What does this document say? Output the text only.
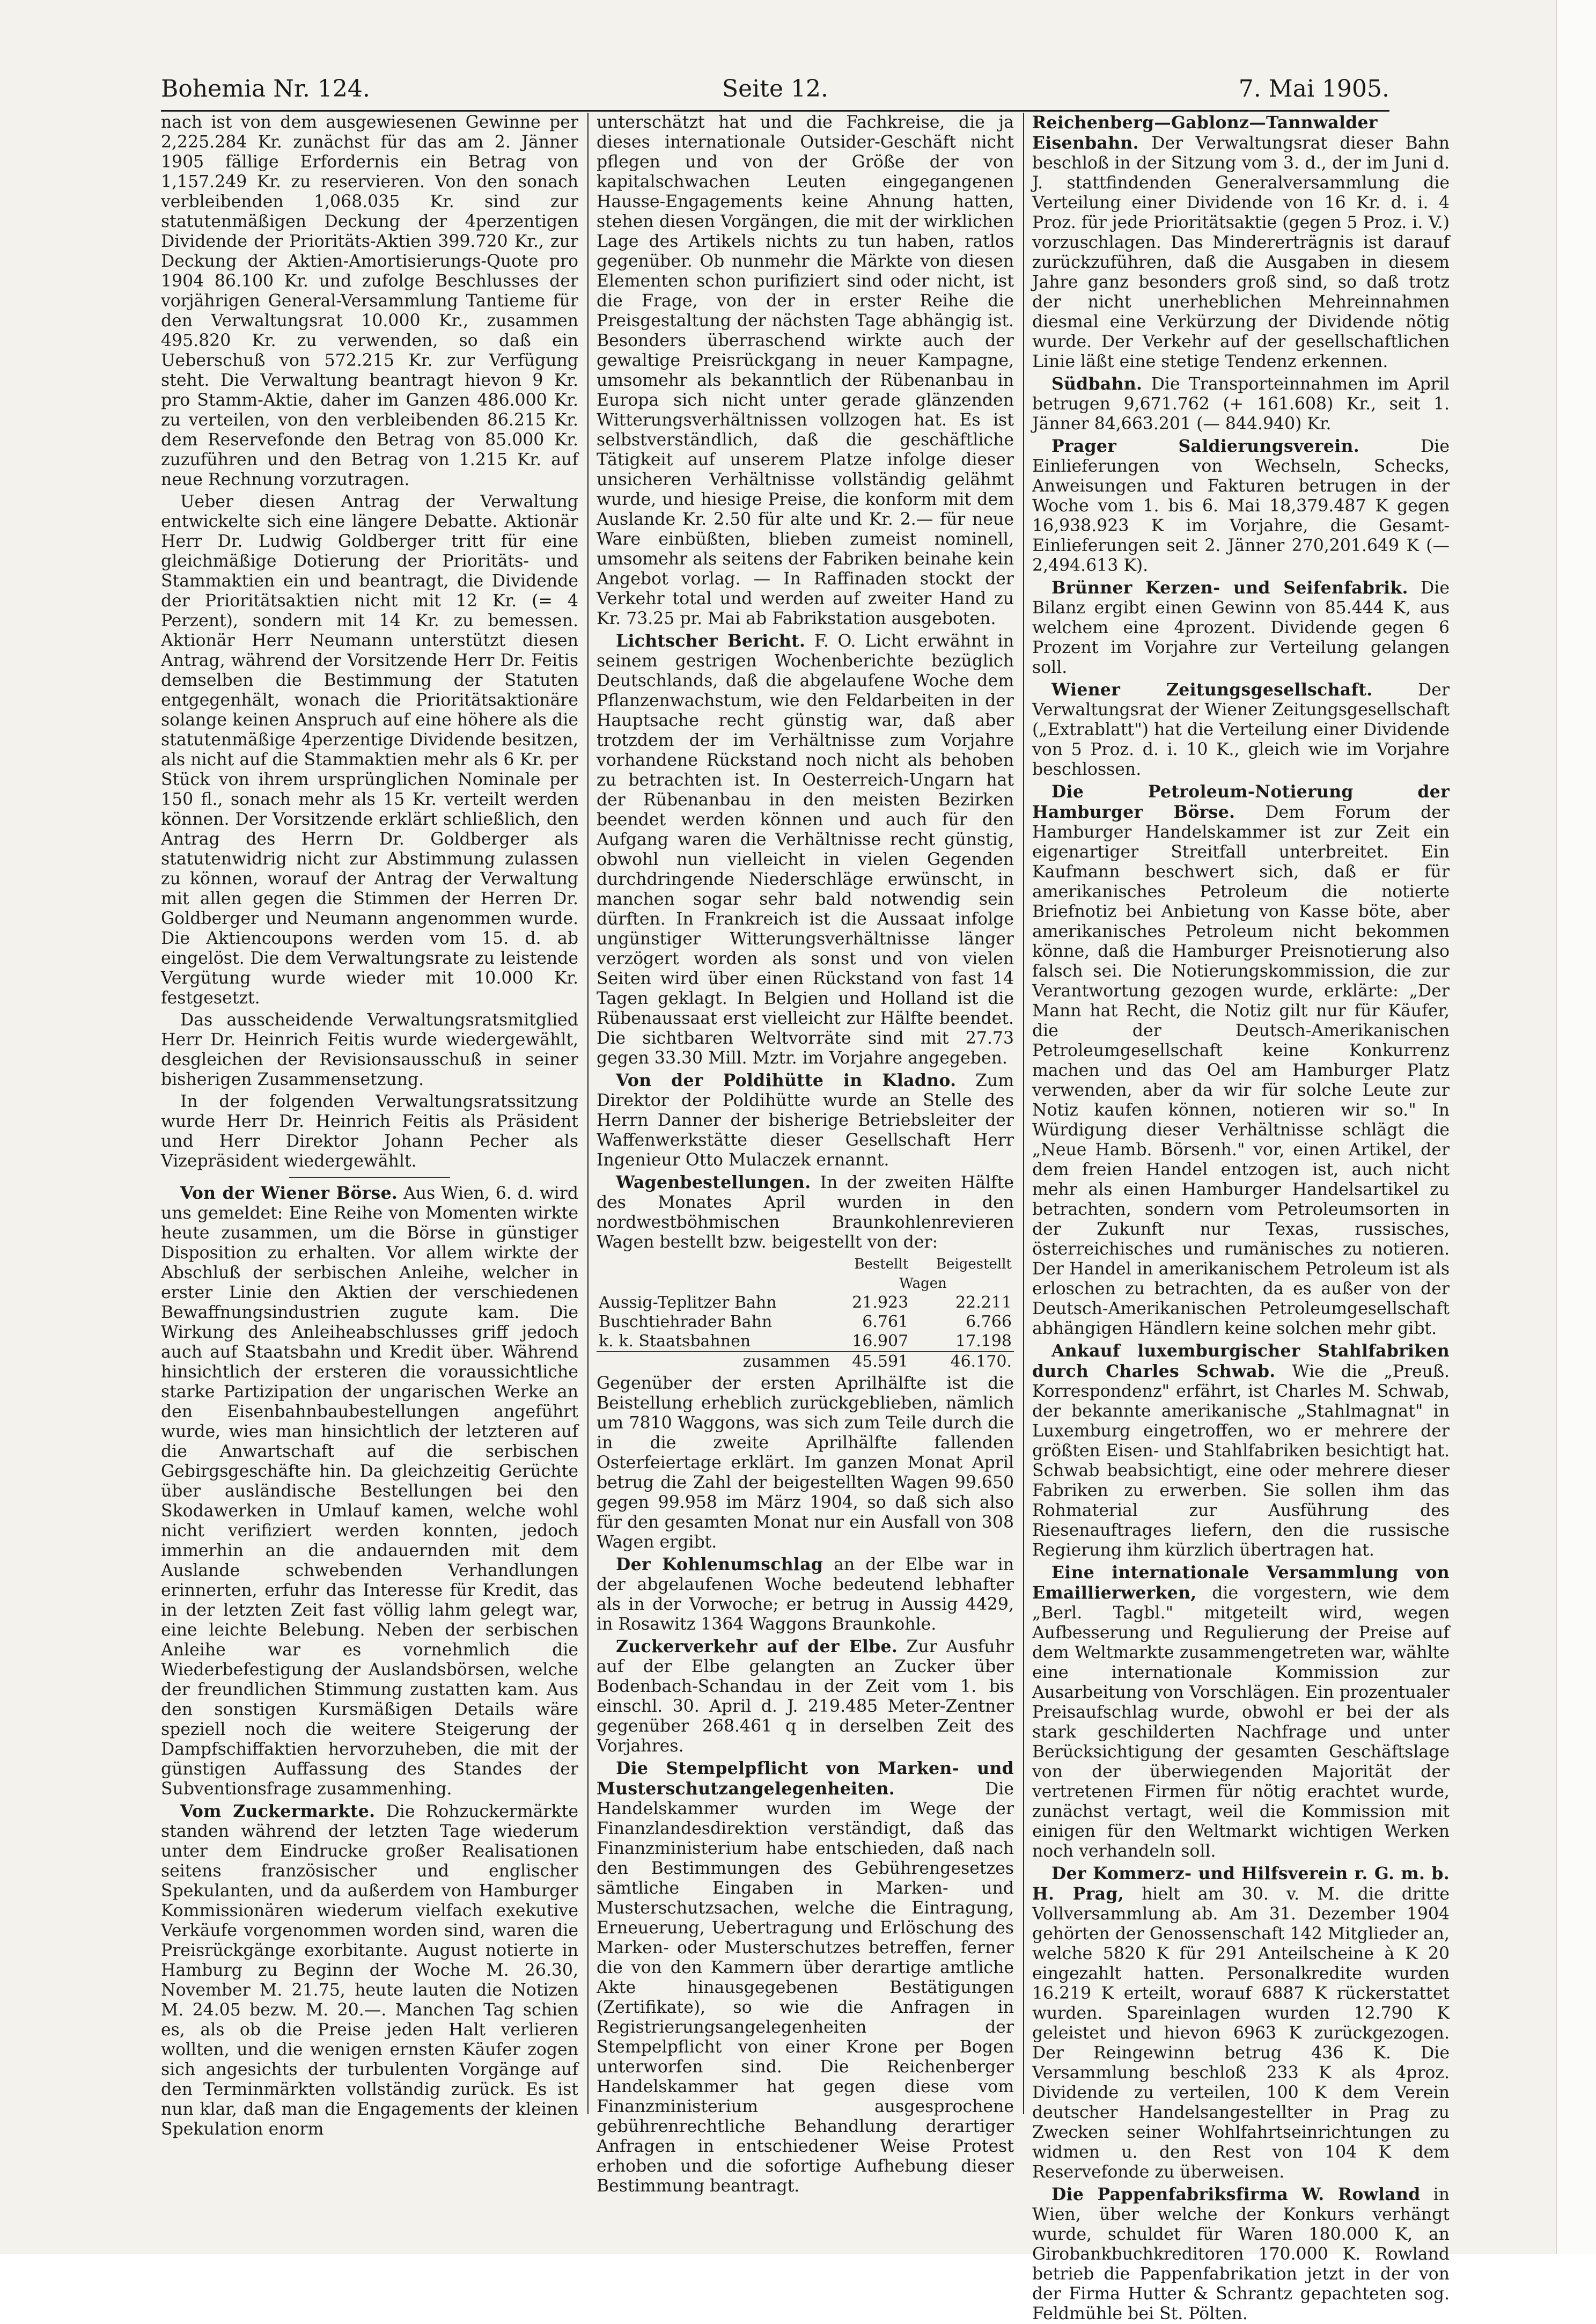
Bohemia Nr. 124.	Seite 12.	7. Mai 1905.

nach ist von dem ausgewiesenen Gewinne per 2,225.284 Kr. zunächst für das am 2. Jänner 1905 fällige Erfordernis ein Betrag von 1,157.249 Kr. zu reservieren. Von den sonach verbleibenden 1,068.035 Kr. sind zur statutenmäßigen Deckung der 4perzentigen Dividende der Prioritäts-Aktien 399.720 Kr., zur Deckung der Aktien-Amortisierungs-Quote pro 1904 86.100 Kr. und zufolge Beschlusses der vorjährigen General-Versammlung Tantieme für den Verwaltungsrat 10.000 Kr., zusammen 495.820 Kr. zu verwenden, so daß ein Ueberschuß von 572.215 Kr. zur Verfügung steht. Die Verwaltung beantragt hievon 9 Kr. pro Stamm-Aktie, daher im Ganzen 486.000 Kr. zu verteilen, von den verbleibenden 86.215 Kr. dem Reservefonde den Betrag von 85.000 Kr. zuzuführen und den Betrag von 1.215 Kr. auf neue Rechnung vorzutragen.

Ueber diesen Antrag der Verwaltung entwickelte sich eine längere Debatte. Aktionär Herr Dr. Ludwig Goldberger tritt für eine gleichmäßige Dotierung der Prioritäts- und Stammaktien ein und beantragt, die Dividende der Prioritätsaktien nicht mit 12 Kr. (= 4 Perzent), sondern mit 14 Kr. zu bemessen. Aktionär Herr Neumann unterstützt diesen Antrag, während der Vorsitzende Herr Dr. Feitis demselben die Bestimmung der Statuten entgegenhält, wonach die Prioritätsaktionäre solange keinen Anspruch auf eine höhere als die statutenmäßige 4perzentige Dividende besitzen, als nicht auf die Stammaktien mehr als 6 Kr. per Stück von ihrem ursprünglichen Nominale per 150 fl., sonach mehr als 15 Kr. verteilt werden können. Der Vorsitzende erklärt schließlich, den Antrag des Herrn Dr. Goldberger als statutenwidrig nicht zur Abstimmung zulassen zu können, worauf der Antrag der Verwaltung mit allen gegen die Stimmen der Herren Dr. Goldberger und Neumann angenommen wurde. Die Aktiencoupons werden vom 15. d. ab eingelöst. Die dem Verwaltungsrate zu leistende Vergütung wurde wieder mit 10.000 Kr. festgesetzt.

Das ausscheidende Verwaltungsratsmitglied Herr Dr. Heinrich Feitis wurde wiedergewählt, desgleichen der Revisionsausschuß in seiner bisherigen Zusammensetzung.

In der folgenden Verwaltungsratssitzung wurde Herr Dr. Heinrich Feitis als Präsident und Herr Direktor Johann Pecher als Vizepräsident wiedergewählt.

Von der Wiener Börse. Aus Wien, 6. d. wird uns gemeldet: Eine Reihe von Momenten wirkte heute zusammen, um die Börse in günstiger Disposition zu erhalten. Vor allem wirkte der Abschluß der serbischen Anleihe, welcher in erster Linie den Aktien der verschiedenen Bewaffnungsindustrien zugute kam. Die Wirkung des Anleiheabschlusses griff jedoch auch auf Staatsbahn und Kredit über. Während hinsichtlich der ersteren die voraussichtliche starke Partizipation der ungarischen Werke an den Eisenbahnbaubestellungen angeführt wurde, wies man hinsichtlich der letzteren auf die Anwartschaft auf die serbischen Gebirgsgeschäfte hin. Da gleichzeitig Gerüchte über ausländische Bestellungen bei den Skodawerken in Umlauf kamen, welche wohl nicht verifiziert werden konnten, jedoch immerhin an die andauernden mit dem Auslande schwebenden Verhandlungen erinnerten, erfuhr das Interesse für Kredit, das in der letzten Zeit fast völlig lahm gelegt war, eine leichte Belebung. Neben der serbischen Anleihe war es vornehmlich die Wiederbefestigung der Auslandsbörsen, welche der freundlichen Stimmung zustatten kam. Aus den sonstigen Kursmäßigen Details wäre speziell noch die weitere Steigerung der Dampfschiffaktien hervorzuheben, die mit der günstigen Auffassung des Standes der Subventionsfrage zusammenhing.

Vom Zuckermarkte. Die Rohzuckermärkte standen während der letzten Tage wiederum unter dem Eindrucke großer Realisationen seitens französischer und englischer Spekulanten, und da außerdem von Hamburger Kommissionären wiederum vielfach exekutive Verkäufe vorgenommen worden sind, waren die Preisrückgänge exorbitante. August notierte in Hamburg zu Beginn der Woche M. 26.30, November M. 21.75, heute lauten die Notizen M. 24.05 bezw. M. 20.—. Manchen Tag schien es, als ob die Preise jeden Halt verlieren wollten, und die wenigen ernsten Käufer zogen sich angesichts der turbulenten Vorgänge auf den Terminmärkten vollständig zurück. Es ist nun klar, daß man die Engagements der kleinen Spekulation enorm

unterschätzt hat und die Fachkreise, die ja dieses internationale Outsider-Geschäft nicht pflegen und von der Größe der von kapitalschwachen Leuten eingegangenen Hausse-Engagements keine Ahnung hatten, stehen diesen Vorgängen, die mit der wirklichen Lage des Artikels nichts zu tun haben, ratlos gegenüber. Ob nunmehr die Märkte von diesen Elementen schon purifiziert sind oder nicht, ist die Frage, von der in erster Reihe die Preisgestaltung der nächsten Tage abhängig ist. Besonders überraschend wirkte auch der gewaltige Preisrückgang in neuer Kampagne, umsomehr als bekanntlich der Rübenanbau in Europa sich nicht unter gerade glänzenden Witterungsverhältnissen vollzogen hat. Es ist selbstverständlich, daß die geschäftliche Tätigkeit auf unserem Platze infolge dieser unsicheren Verhältnisse vollständig gelähmt wurde, und hiesige Preise, die konform mit dem Auslande Kr. 2.50 für alte und Kr. 2.— für neue Ware einbüßten, blieben zumeist nominell, umsomehr als seitens der Fabriken beinahe kein Angebot vorlag. — In Raffinaden stockt der Verkehr total und werden auf zweiter Hand zu Kr. 73.25 pr. Mai ab Fabrikstation ausgeboten.

Lichtscher Bericht. F. O. Licht erwähnt in seinem gestrigen Wochenberichte bezüglich Deutschlands, daß die abgelaufene Woche dem Pflanzenwachstum, wie den Feldarbeiten in der Hauptsache recht günstig war, daß aber trotzdem der im Verhältnisse zum Vorjahre vorhandene Rückstand noch nicht als behoben zu betrachten ist. In Oesterreich-Ungarn hat der Rübenanbau in den meisten Bezirken beendet werden können und auch für den Aufgang waren die Verhältnisse recht günstig, obwohl nun vielleicht in vielen Gegenden durchdringende Niederschläge erwünscht, in manchen sogar sehr bald notwendig sein dürften. In Frankreich ist die Aussaat infolge ungünstiger Witterungsverhältnisse länger verzögert worden als sonst und von vielen Seiten wird über einen Rückstand von fast 14 Tagen geklagt. In Belgien und Holland ist die Rübenaussaat erst vielleicht zur Hälfte beendet. Die sichtbaren Weltvorräte sind mit 27.73 gegen 33.30 Mill. Mztr. im Vorjahre angegeben.

Von der Poldihütte in Kladno. Zum Direktor der Poldihütte wurde an Stelle des Herrn Danner der bisherige Betriebsleiter der Waffenwerkstätte dieser Gesellschaft Herr Ingenieur Otto Mulaczek ernannt.

Wagenbestellungen. In der zweiten Hälfte des Monates April wurden in den nordwestböhmischen Braunkohlenrevieren Wagen bestellt bzw. beigestellt von der:

	Bestellt	Beigestellt
	Wagen	
Aussig-Teplitzer Bahn	21.923	22.211
Buschtiehrader Bahn	6.761	6.766
k. k. Staatsbahnen	16.907	17.198
zusammen	45.591	46.170.

Gegenüber der ersten Aprilhälfte ist die Beistellung erheblich zurückgeblieben, nämlich um 7810 Waggons, was sich zum Teile durch die in die zweite Aprilhälfte fallenden Osterfeiertage erklärt. Im ganzen Monat April betrug die Zahl der beigestellten Wagen 99.650 gegen 99.958 im März 1904, so daß sich also für den gesamten Monat nur ein Ausfall von 308 Wagen ergibt.

Der Kohlenumschlag an der Elbe war in der abgelaufenen Woche bedeutend lebhafter als in der Vorwoche; er betrug in Aussig 4429, in Rosawitz 1364 Waggons Braunkohle.

Zuckerverkehr auf der Elbe. Zur Ausfuhr auf der Elbe gelangten an Zucker über Bodenbach-Schandau in der Zeit vom 1. bis einschl. 30. April d. J. 219.485 Meter-Zentner gegenüber 268.461 q in derselben Zeit des Vorjahres.

Die Stempelpflicht von Marken- und Musterschutzangelegenheiten. Die Handelskammer wurden im Wege der Finanzlandesdirektion verständigt, daß das Finanzministerium habe entschieden, daß nach den Bestimmungen des Gebührengesetzes sämtliche Eingaben in Marken- und Musterschutzsachen, welche die Eintragung, Erneuerung, Uebertragung und Erlöschung des Marken- oder Musterschutzes betreffen, ferner die von den Kammern über derartige amtliche Akte hinausgegebenen Bestätigungen (Zertifikate), so wie die Anfragen in Registrierungsangelegenheiten der Stempelpflicht von einer Krone per Bogen unterworfen sind. Die Reichenberger Handelskammer hat gegen diese vom Finanzministerium ausgesprochene gebührenrechtliche Behandlung derartiger Anfragen in entschiedener Weise Protest erhoben und die sofortige Aufhebung dieser Bestimmung beantragt.

Reichenberg—Gablonz—Tannwalder Eisenbahn. Der Verwaltungsrat dieser Bahn beschloß in der Sitzung vom 3. d., der im Juni d. J. stattfindenden Generalversammlung die Verteilung einer Dividende von 16 Kr. d. i. 4 Proz. für jede Prioritätsaktie (gegen 5 Proz. i. V.) vorzuschlagen. Das Mindererträgnis ist darauf zurückzuführen, daß die Ausgaben in diesem Jahre ganz besonders groß sind, so daß trotz der nicht unerheblichen Mehreinnahmen diesmal eine Verkürzung der Dividende nötig wurde. Der Verkehr auf der gesellschaftlichen Linie läßt eine stetige Tendenz erkennen.

Südbahn. Die Transporteinnahmen im April betrugen 9,671.762 (+ 161.608) Kr., seit 1. Jänner 84,663.201 (— 844.940) Kr.

Prager Saldierungsverein. Die Einlieferungen von Wechseln, Schecks, Anweisungen und Fakturen betrugen in der Woche vom 1. bis 6. Mai 18,379.487 K gegen 16,938.923 K im Vorjahre, die Gesamt-Einlieferungen seit 2. Jänner 270,201.649 K (— 2,494.613 K).

Brünner Kerzen- und Seifenfabrik. Die Bilanz ergibt einen Gewinn von 85.444 K, aus welchem eine 4prozent. Dividende gegen 6 Prozent im Vorjahre zur Verteilung gelangen soll.

Wiener Zeitungsgesellschaft. Der Verwaltungsrat der Wiener Zeitungsgesellschaft („Extrablatt") hat die Verteilung einer Dividende von 5 Proz. d. i. 10 K., gleich wie im Vorjahre beschlossen.

Die Petroleum-Notierung der Hamburger Börse. Dem Forum der Hamburger Handelskammer ist zur Zeit ein eigenartiger Streitfall unterbreitet. Ein Kaufmann beschwert sich, daß er für amerikanisches Petroleum die notierte Briefnotiz bei Anbietung von Kasse böte, aber amerikanisches Petroleum nicht bekommen könne, daß die Hamburger Preisnotierung also falsch sei. Die Notierungskommission, die zur Verantwortung gezogen wurde, erklärte: „Der Mann hat Recht, die Notiz gilt nur für Käufer, die der Deutsch-Amerikanischen Petroleumgesellschaft keine Konkurrenz machen und das Oel am Hamburger Platz verwenden, aber da wir für solche Leute zur Notiz kaufen können, notieren wir so." In Würdigung dieser Verhältnisse schlägt die „Neue Hamb. Börsenh." vor, einen Artikel, der dem freien Handel entzogen ist, auch nicht mehr als einen Hamburger Handelsartikel zu betrachten, sondern vom Petroleumsorten in der Zukunft nur Texas, russisches, österreichisches und rumänisches zu notieren. Der Handel in amerikanischem Petroleum ist als erloschen zu betrachten, da es außer von der Deutsch-Amerikanischen Petroleumgesellschaft abhängigen Händlern keine solchen mehr gibt.

Ankauf luxemburgischer Stahlfabriken durch Charles Schwab. Wie die „Preuß. Korrespondenz" erfährt, ist Charles M. Schwab, der bekannte amerikanische „Stahlmagnat" in Luxemburg eingetroffen, wo er mehrere der größten Eisen- und Stahlfabriken besichtigt hat. Schwab beabsichtigt, eine oder mehrere dieser Fabriken zu erwerben. Sie sollen ihm das Rohmaterial zur Ausführung des Riesenauftrages liefern, den die russische Regierung ihm kürzlich übertragen hat.

Eine internationale Versammlung von Emaillierwerken, die vorgestern, wie dem „Berl. Tagbl." mitgeteilt wird, wegen Aufbesserung und Regulierung der Preise auf dem Weltmarkte zusammengetreten war, wählte eine internationale Kommission zur Ausarbeitung von Vorschlägen. Ein prozentualer Preisaufschlag wurde, obwohl er bei der als stark geschilderten Nachfrage und unter Berücksichtigung der gesamten Geschäftslage von der überwiegenden Majorität der vertretenen Firmen für nötig erachtet wurde, zunächst vertagt, weil die Kommission mit einigen für den Weltmarkt wichtigen Werken noch verhandeln soll.

Der Kommerz- und Hilfsverein r. G. m. b. H. Prag, hielt am 30. v. M. die dritte Vollversammlung ab. Am 31. Dezember 1904 gehörten der Genossenschaft 142 Mitglieder an, welche 5820 K für 291 Anteilscheine à K 20 eingezahlt hatten. Personalkredite wurden 16.219 K erteilt, worauf 6887 K rückerstattet wurden. Spareinlagen wurden 12.790 K geleistet und hievon 6963 K zurückgezogen. Der Reingewinn betrug 436 K. Die Versammlung beschloß 233 K als 4proz. Dividende zu verteilen, 100 K dem Verein deutscher Handelsangestellter in Prag zu Zwecken seiner Wohlfahrtseinrichtungen zu widmen u. den Rest von 104 K dem Reservefonde zu überweisen.

Die Pappenfabriksfirma W. Rowland in Wien, über welche der Konkurs verhängt wurde, schuldet für Waren 180.000 K, an Girobankbuchkreditoren 170.000 K. Rowland betrieb die Pappenfabrikation jetzt in der von der Firma Hutter & Schrantz gepachteten sog. Feldmühle bei St. Pölten.
